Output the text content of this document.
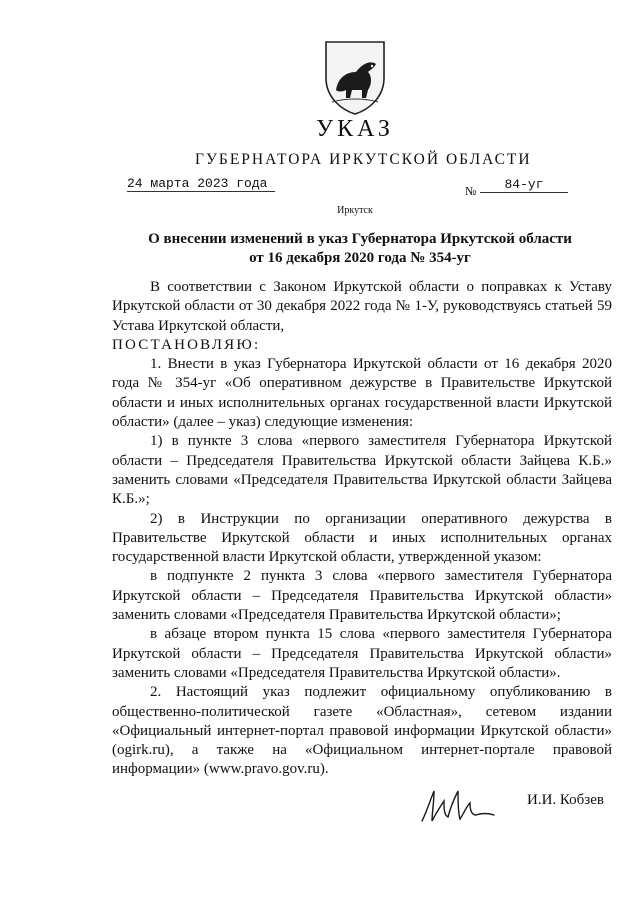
УКАЗ
ГУБЕРНАТОРА ИРКУТСКОЙ ОБЛАСТИ
24 марта 2023 года	№	84-уг
Иркутск
О внесении изменений в указ Губернатора Иркутской области
от 16 декабря 2020 года № 354-уг

В соответствии с Законом Иркутской области о поправках к Уставу Иркутской области от 30 декабря 2022 года № 1-У, руководствуясь статьей 59 Устава Иркутской области,

ПОСТАНОВЛЯЮ:

1. Внести в указ Губернатора Иркутской области от 16 декабря 2020 года № 354-уг «Об оперативном дежурстве в Правительстве Иркутской области и иных исполнительных органах государственной власти Иркутской области» (далее – указ) следующие изменения:

1) в пункте 3 слова «первого заместителя Губернатора Иркутской области – Председателя Правительства Иркутской области Зайцева К.Б.» заменить словами «Председателя Правительства Иркутской области Зайцева К.Б.»;

2) в Инструкции по организации оперативного дежурства в Правительстве Иркутской области и иных исполнительных органах государственной власти Иркутской области, утвержденной указом:

в подпункте 2 пункта 3 слова «первого заместителя Губернатора Иркутской области – Председателя Правительства Иркутской области» заменить словами «Председателя Правительства Иркутской области»;

в абзаце втором пункта 15 слова «первого заместителя Губернатора Иркутской области – Председателя Правительства Иркутской области» заменить словами «Председателя Правительства Иркутской области».

2. Настоящий указ подлежит официальному опубликованию в общественно-политической газете «Областная», сетевом издании «Официальный интернет-портал правовой информации Иркутской области» (ogirk.ru), а также на «Официальном интернет-портале правовой информации» (www.pravo.gov.ru).

И.И. Кобзев
